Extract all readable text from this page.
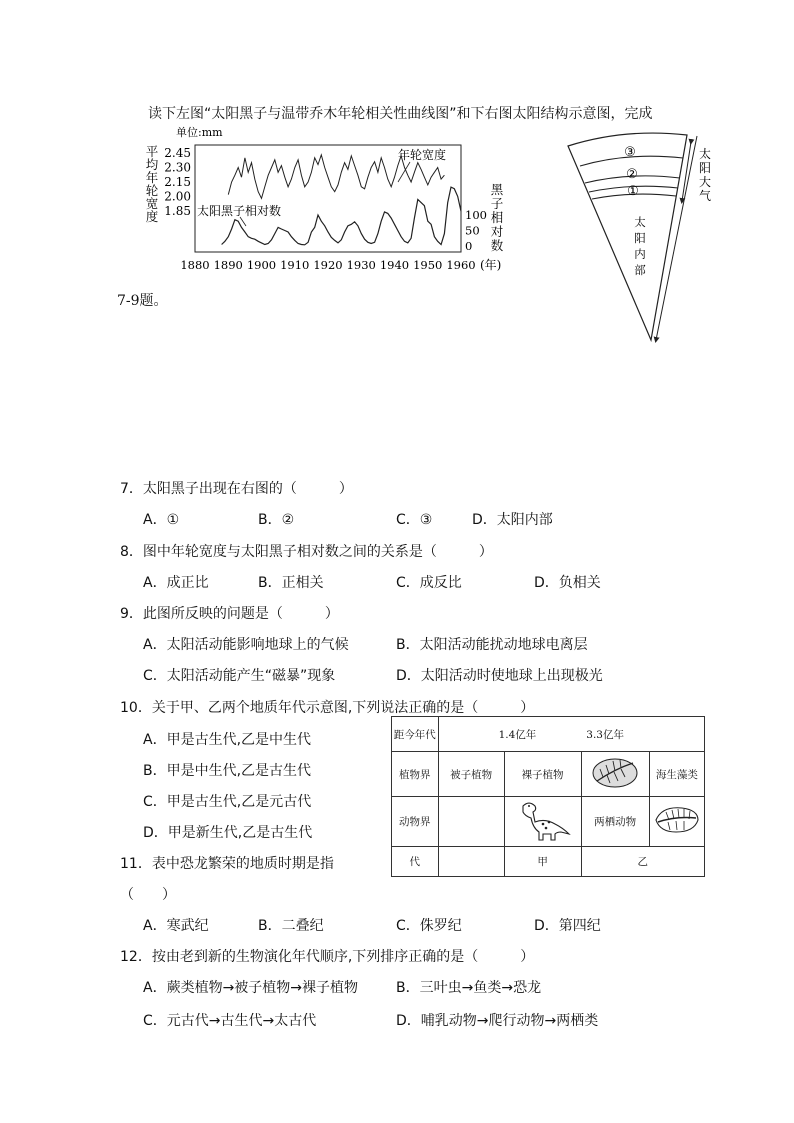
读下左图“太阳黑子与温带乔木年轮相关性曲线图”和下右图太阳结构示意图，完成
单位:mm
平
均
年
轮
宽
度
黑
子
相
对
数
2.45
2.30
2.15
2.00
1.85	100
50
0
1880 1890 1900 1910 1920 1930 1940 1950 1960 (年)
年轮宽度
太阳黑子相对数
7-9题。
③
②
①
太
阳
内
部
太
阳
大
气
7．太阳黑子出现在右图的（　　　）
A．①	B．②	C．③	D．太阳内部
8．图中年轮宽度与太阳黑子相对数之间的关系是（　　　）
A．成正比	B．正相关	C．成反比	D．负相关
9．此图所反映的问题是（　　　）
A．太阳活动能影响地球上的气候	B．太阳活动能扰动地球电离层
C．太阳活动能产生“磁暴”现象	D．太阳活动时使地球上出现极光
10．关于甲、乙两个地质年代示意图,下列说法正确的是（　　　）
A．甲是古生代,乙是中生代
B．甲是中生代,乙是古生代
C．甲是古生代,乙是元古代
D．甲是新生代,乙是古生代
距今年代	1.4亿年 3.3亿年			
植物界	被子植物	裸子植物		海生藻类
动物界			两栖动物	
代		甲	乙	
11．表中恐龙繁荣的地质时期是指
（　　）
A．寒武纪	B．二叠纪	C．侏罗纪	D．第四纪
12．按由老到新的生物演化年代顺序,下列排序正确的是（　　　）
A．蕨类植物→被子植物→裸子植物	B．三叶虫→鱼类→恐龙
C．元古代→古生代→太古代	D．哺乳动物→爬行动物→两栖类
